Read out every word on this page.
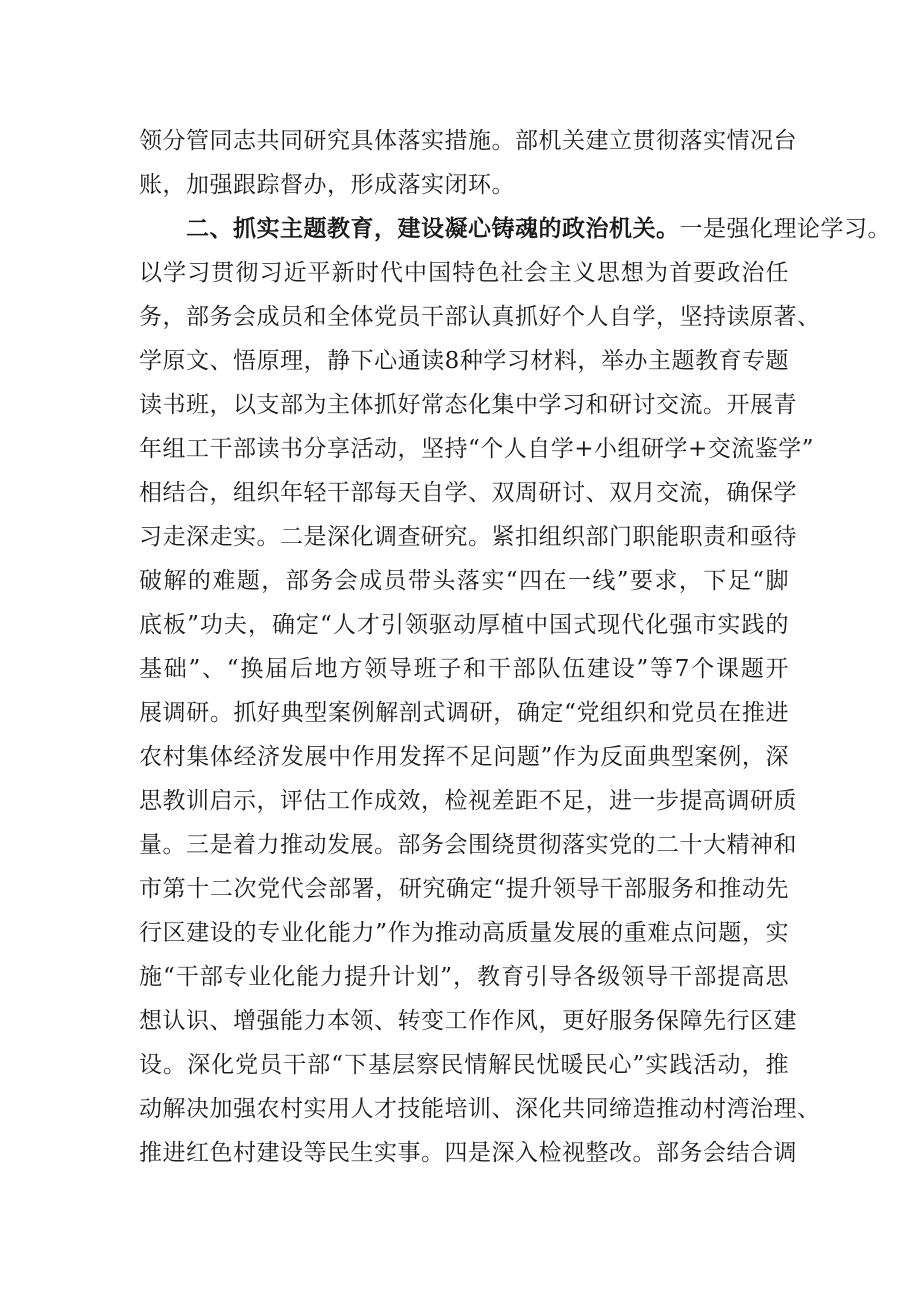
领分管同志共同研究具体落实措施。部机关建立贯彻落实情况台
账，加强跟踪督办，形成落实闭环。
二、抓实主题教育，建设凝心铸魂的政治机关。一是强化理论学习。
以学习贯彻习近平新时代中国特色社会主义思想为首要政治任
务，部务会成员和全体党员干部认真抓好个人自学，坚持读原著、
学原文、悟原理，静下心通读8种学习材料，举办主题教育专题
读书班，以支部为主体抓好常态化集中学习和研讨交流。开展青
年组工干部读书分享活动，坚持“个人自学+小组研学+交流鉴学”
相结合，组织年轻干部每天自学、双周研讨、双月交流，确保学
习走深走实。二是深化调查研究。紧扣组织部门职能职责和亟待
破解的难题，部务会成员带头落实“四在一线”要求，下足“脚
底板”功夫，确定“人才引领驱动厚植中国式现代化强市实践的
基础”、“换届后地方领导班子和干部队伍建设”等7个课题开
展调研。抓好典型案例解剖式调研，确定“党组织和党员在推进
农村集体经济发展中作用发挥不足问题”作为反面典型案例，深
思教训启示，评估工作成效，检视差距不足，进一步提高调研质
量。三是着力推动发展。部务会围绕贯彻落实党的二十大精神和
市第十二次党代会部署，研究确定“提升领导干部服务和推动先
行区建设的专业化能力”作为推动高质量发展的重难点问题，实
施“干部专业化能力提升计划”，教育引导各级领导干部提高思
想认识、增强能力本领、转变工作作风，更好服务保障先行区建
设。深化党员干部“下基层察民情解民忧暖民心”实践活动，推
动解决加强农村实用人才技能培训、深化共同缔造推动村湾治理、
推进红色村建设等民生实事。四是深入检视整改。部务会结合调
